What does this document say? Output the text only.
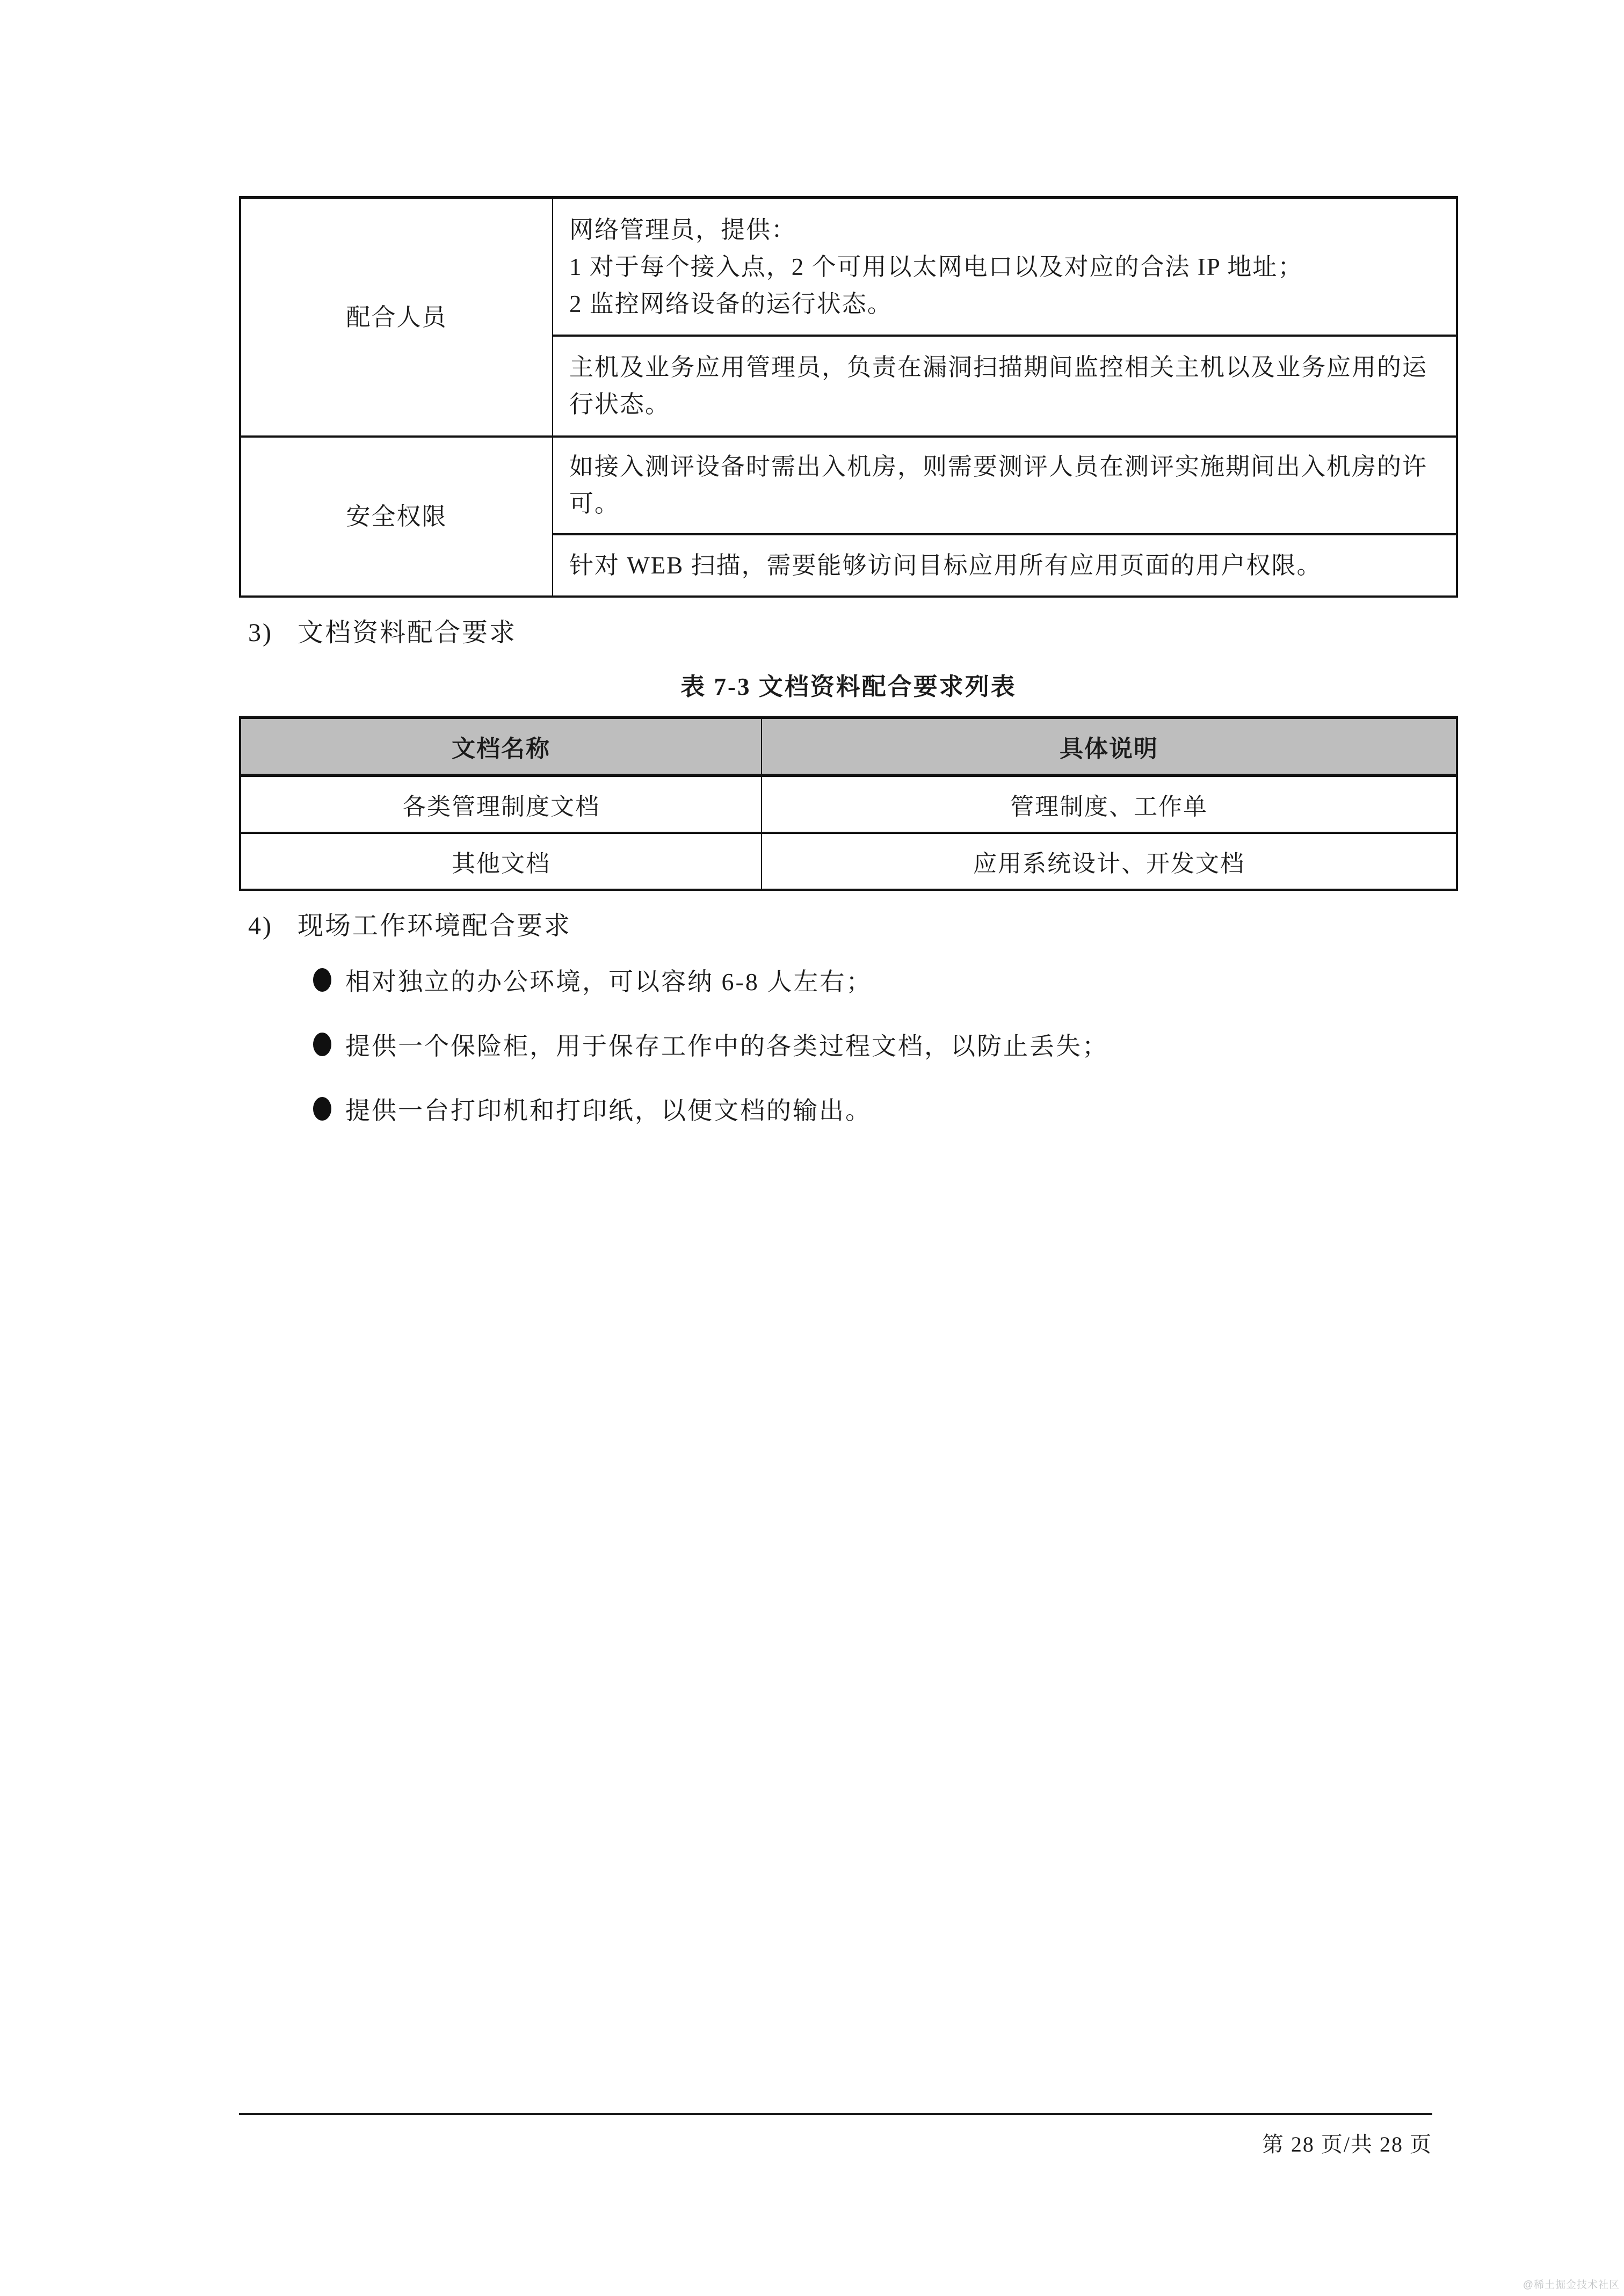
配合人员	网络管理员，提供：
1 对于每个接入点，2 个可用以太网电口以及对应的合法 IP 地址；
2 监控网络设备的运行状态。

	主机及业务应用管理员，负责在漏洞扫描期间监控相关主机以及业务应用的运行状态。

安全权限	如接入测评设备时需出入机房，则需要测评人员在测评实施期间出入机房的许可。

	针对 WEB 扫描，需要能够访问目标应用所有应用页面的用户权限。
3) 文档资料配合要求
表 7-3 文档资料配合要求列表
文档名称	具体说明
各类管理制度文档	管理制度、工作单
其他文档	应用系统设计、开发文档
4) 现场工作环境配合要求
相对独立的办公环境，可以容纳 6-8 人左右；
提供一个保险柜，用于保存工作中的各类过程文档，以防止丢失；
提供一台打印机和打印纸，以便文档的输出。
第 28 页/共 28 页
@稀土掘金技术社区
